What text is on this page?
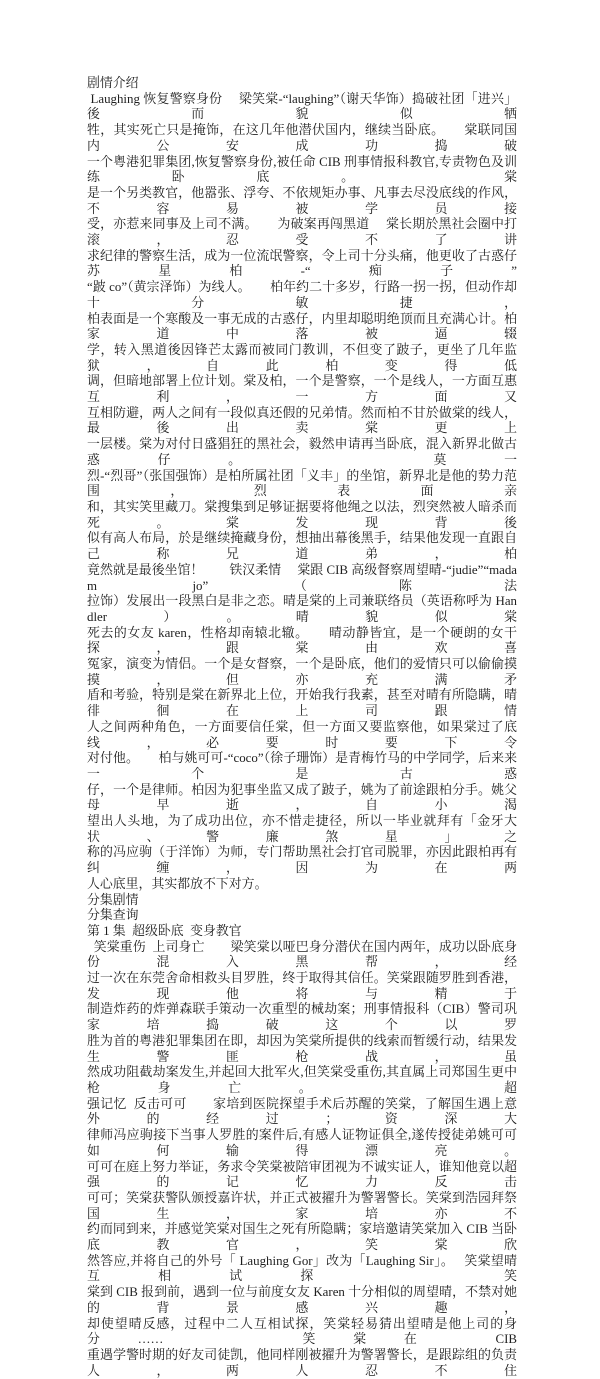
剧情介绍
Laughing 恢复警察身份　 梁笑棠-“laughing”（谢天华饰）捣破社团「进兴」後而貌似牺
牲，其实死亡只是掩饰，在这几年他潜伏国内，继续当卧底。　　棠联同国内公安成功捣破
一个粤港犯罪集团,恢复警察身份,被任命 CIB 刑事情报科教官,专责物色及训练卧底。　棠
是一个另类教官，他嚣张、浮夸、不依规矩办事、凡事去尽没底线的作风，不容易被学员接
受，亦惹来同事及上司不满。　　为破案再闯黑道　 棠长期於黑社会圈中打滚，忍受不了讲
求纪律的警察生活，成为一位流氓警察，令上司十分头痛，他更收了古惑仔苏星柏-“痴子”
“跛 co”（黄宗泽饰）为线人。　　柏年约二十多岁，行路一拐一拐，但动作却十分敏捷，
柏表面是一个寒酸及一事无成的古惑仔，内里却聪明绝顶而且充满心计。柏家道中落被逼辍
学，转入黑道後因锋芒太露而被同门教训，不但变了跛子，更坐了几年监狱，自此柏变得低
调，但暗地部署上位计划。棠及柏，一个是警察，一个是线人，一方面互惠互利，一方面又
互相防避，两人之间有一段似真还假的兄弟情。然而柏不甘於做棠的线人，最後出卖棠更上
一层楼。棠为对付日盛猖狂的黑社会，毅然申请再当卧底，混入新界北做古惑仔。　　莫一
烈-“烈哥”（张国强饰）是柏所属社团「义丰」的坐馆，新界北是他的势力范围，烈表面亲
和，其实笑里藏刀。棠搜集到足够证据要将他绳之以法，烈突然被人暗杀而死。棠发现背後
似有高人布局，於是继续掩藏身份，想抽出幕後黑手，结果他发现一直跟自己称兄道弟，柏
竟然就是最後坐馆！　　铁汉柔情　 棠跟 CIB 高级督察周望晴-“judie”“madam jo”（陈法
拉饰）发展出一段黑白是非之恋。晴是棠的上司兼联络员（英语称呼为 Handler）。晴貌似棠
死去的女友 karen，性格却南辕北辙。　　晴动静皆宜，是一个硬朗的女干探，跟棠由欢喜
冤家，演变为情侣。一个是女督察，一个是卧底，他们的爱情只可以偷偷摸摸，但亦充满矛
盾和考验，特别是棠在新界北上位，开始我行我素，甚至对晴有所隐瞒，晴徘徊在上司跟情
人之间两种角色，一方面要信任棠，但一方面又要监察他，如果棠过了底线，必要时要下令
对付他。　　柏与姚可可-“coco”（徐子珊饰）是青梅竹马的中学同学，后来来一个是古惑
仔，一个是律师。柏因为犯事坐监又成了跛子，姚为了前途跟柏分手。姚父母早逝，自小渴
望出人头地，为了成功出位，亦不惜走捷径，所以一毕业就拜有「金牙大状、警廉煞星」之
称的冯应驹（于洋饰）为师，专门帮助黑社会打官司脱罪，亦因此跟柏再有纠缠，因为在两
人心底里，其实都放不下对方。
分集剧情
分集查询
第 1 集  超级卧底  变身教官
笑棠重伤  上司身亡　　梁笑棠以哑巴身分潜伏在国内两年，成功以卧底身份混入黑帮，经
过一次在东莞舍命相救头目罗胜，终于取得其信任。笑棠跟随罗胜到香港，发现他将与精于
制造炸药的炸弹森联手策动一次重型的械劫案；刑事情报科（CIB）警司巩家培捣破这个以罗
胜为首的粤港犯罪集团在即，却因为笑棠所提供的线索而暂缓行动，结果发生警匪枪战，虽
然成功阻截劫案发生,并起回大批军火,但笑棠受重伤,其直属上司郑国生更中枪身亡。　　超
强记忆  反击可可　　家培到医院探望手术后苏醒的笑棠，了解国生遇上意外的经过；资深大
律师冯应驹接下当事人罗胜的案件后,有感人证物证俱全,遂传授徒弟姚可可如何输得漂亮。
可可在庭上努力举证，务求令笑棠被陪审团视为不诚实证人，谁知他竟以超强的记忆力反击
可可；笑棠获警队颁授嘉许状，并正式被擢升为警署警长。笑棠到浩园拜祭国生，家培亦不
约而同到来，并感觉笑棠对国生之死有所隐瞒；家培邀请笑棠加入 CIB 当卧底教官，笑棠欣
然答应,并将自己的外号「 Laughing Gor」改为「Laughing Sir」。　 笑棠望晴  互相试探　 笑
棠到 CIB 报到前，遇到一位与前度女友 Karen 十分相似的周望晴，不禁对她的背景感兴趣，
却使望晴反感，过程中二人互相试探，笑棠轻易猜出望晴是他上司的身分……　　笑棠在 CIB
重遇学警时期的好友司徒凯，他同样刚被擢升为警署警长，是跟踪组的负责人，两人忍不住
